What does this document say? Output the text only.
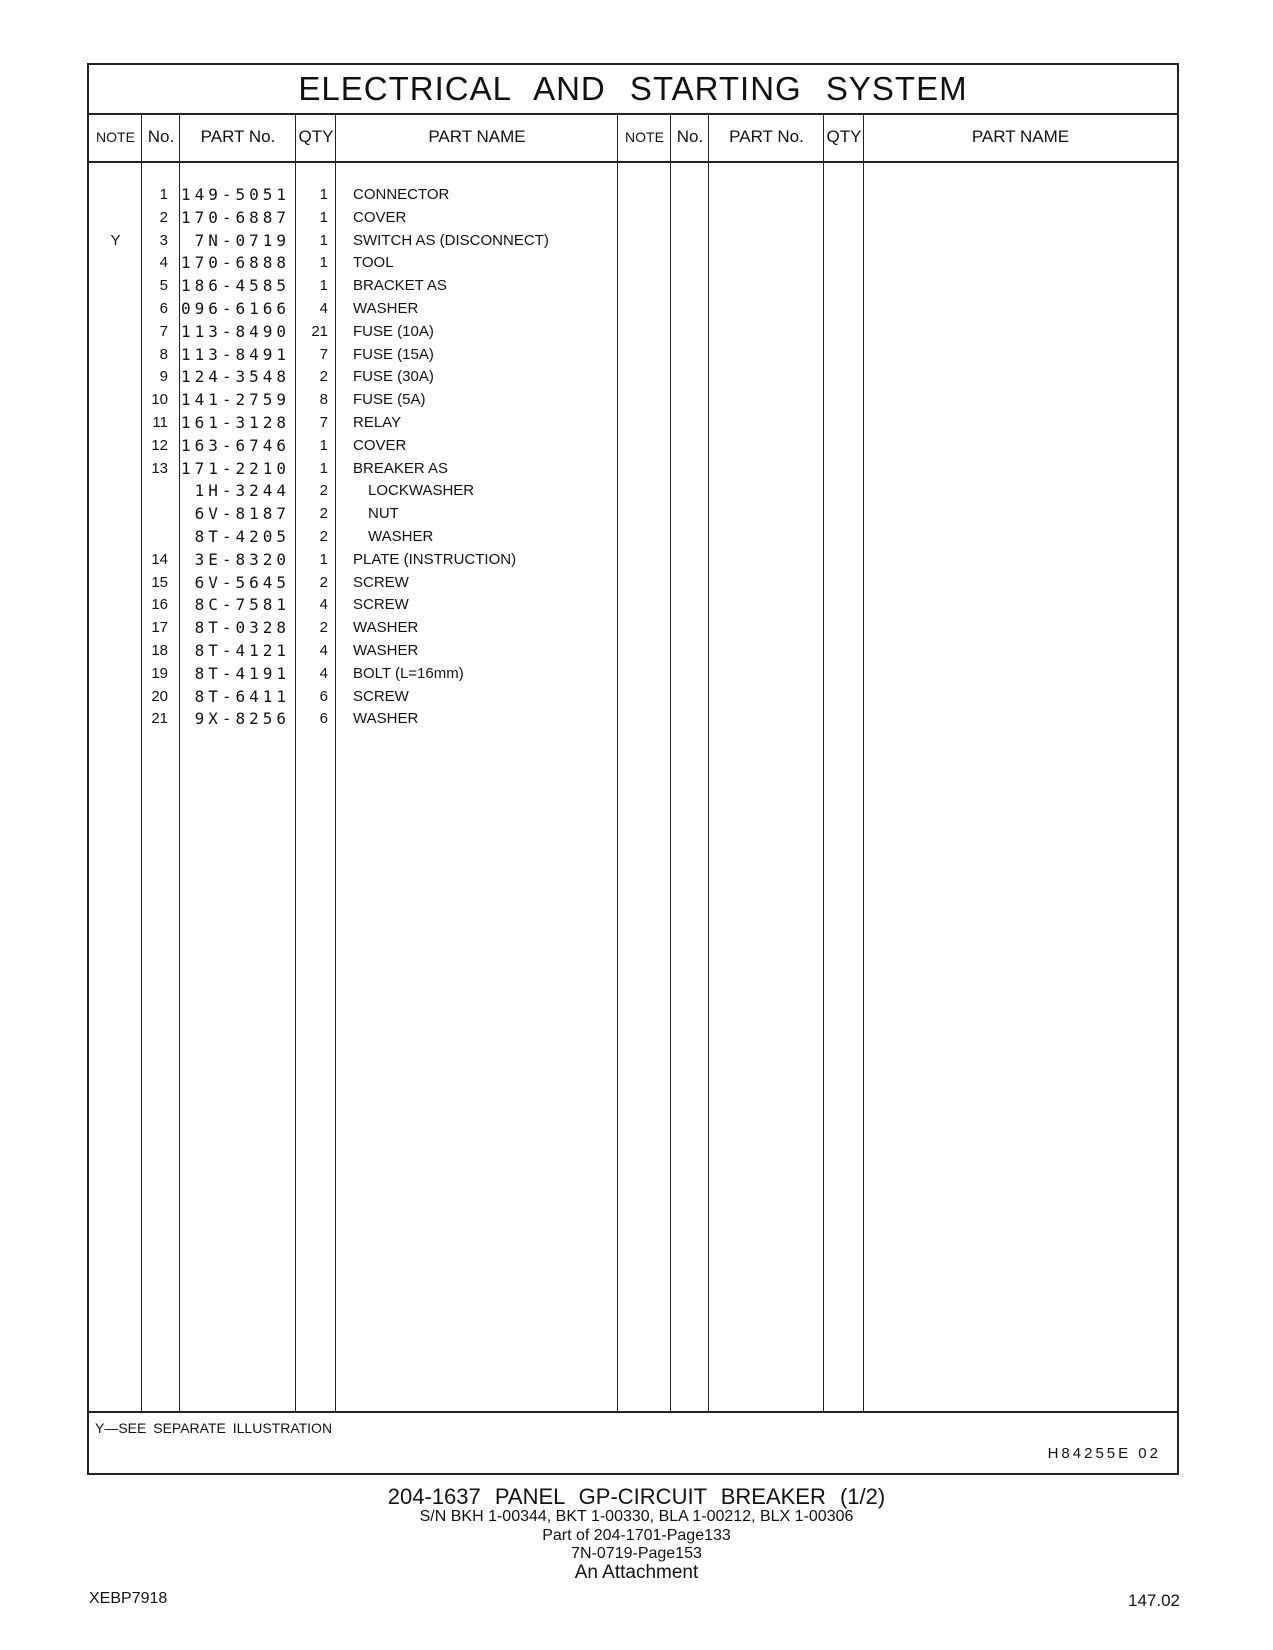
ELECTRICAL AND STARTING SYSTEM
NOTE No.	PART No.	QTY	PART NAME	NOTE No.	PART No.	QTY	PART NAME
1 149-5051	1 CONNECTOR
2 170-6887	1 COVER
Y	3	7N-0719	1 SWITCH AS (DISCONNECT)
4 170-6888	1 TOOL
5 186-4585	1 BRACKET AS
6 096-6166	4 WASHER
7 113-8490	21 FUSE (10A)
8 113-8491	7 FUSE (15A)
9 124-3548	2 FUSE (30A)
10 141-2759	8 FUSE (5A)
11 161-3128	7 RELAY
12 163-6746	1 COVER
13 171-2210	1 BREAKER AS
1H-3244	2	LOCKWASHER
6V-8187	2	NUT
8T-4205	2	WASHER
14	3E-8320	1 PLATE (INSTRUCTION)
15	6V-5645	2 SCREW
16	8C-7581	4 SCREW
17	8T-0328	2 WASHER
18	8T-4121	4 WASHER
19	8T-4191	4 BOLT (L=16mm)
20	8T-6411	6 SCREW
21	9X-8256	6 WASHER
Y—SEE SEPARATE ILLUSTRATION
H84255E 02
204-1637 PANEL GP-CIRCUIT BREAKER (1/2)
S/N BKH 1-00344, BKT 1-00330, BLA 1-00212, BLX 1-00306
Part of 204-1701-Page133
7N-0719-Page153
An Attachment
XEBP7918	147.02
